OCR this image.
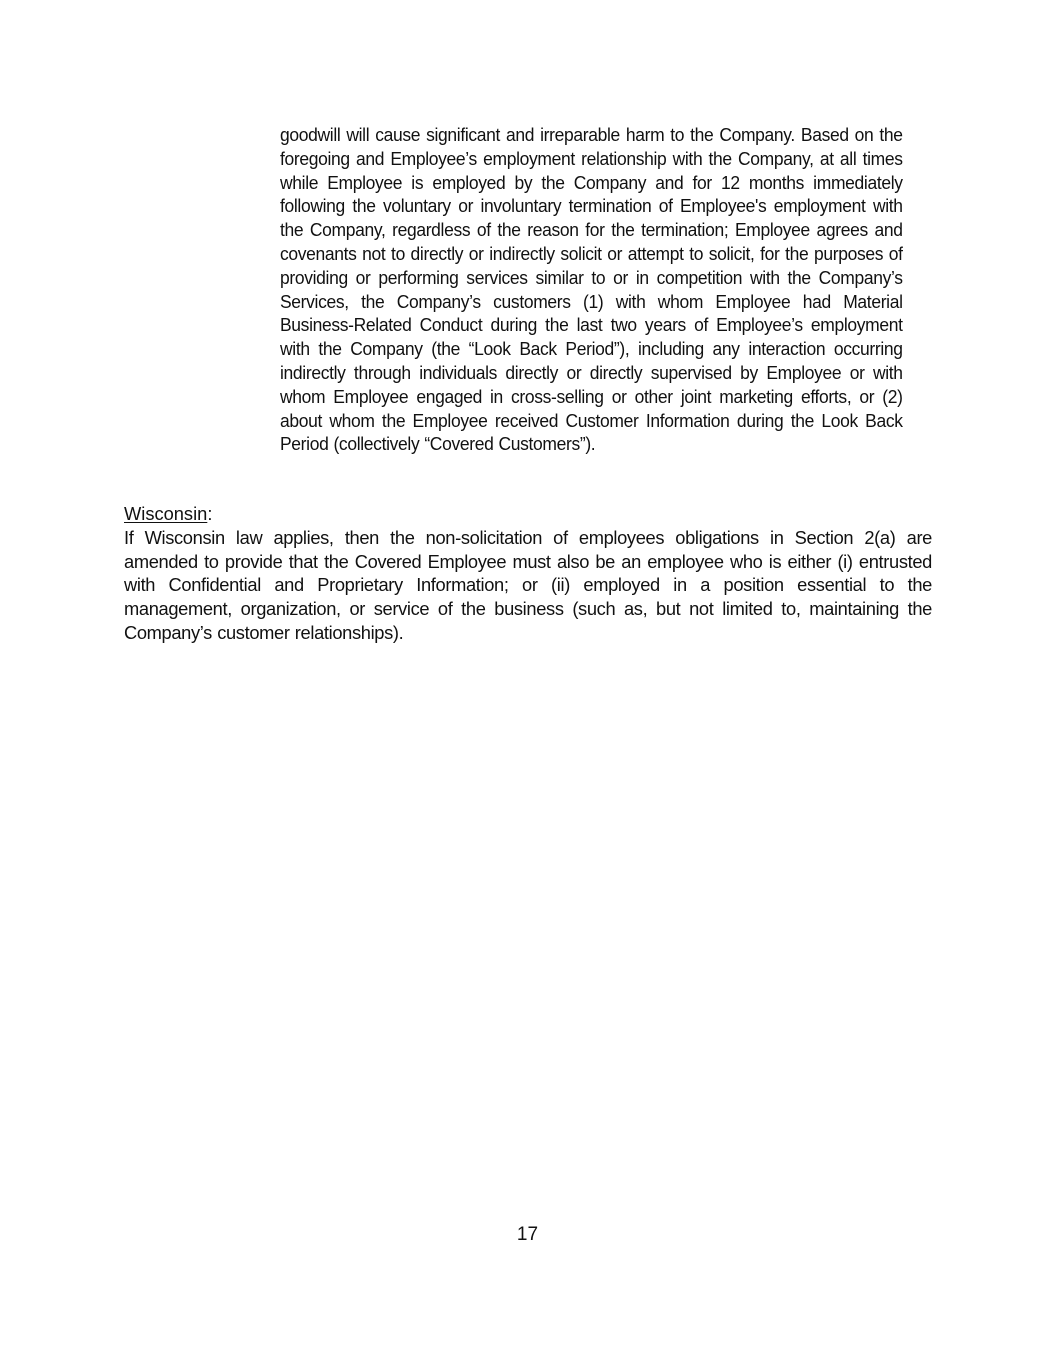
goodwill will cause significant and irreparable harm to the Company. Based on the foregoing and Employee’s employment relationship with the Company, at all times while Employee is employed by the Company and for 12 months immediately following the voluntary or involuntary termination of Employee's employment with the Company, regardless of the reason for the termination; Employee agrees and covenants not to directly or indirectly solicit or attempt to solicit, for the purposes of providing or performing services similar to or in competition with the Company’s Services, the Company’s customers (1) with whom Employee had Material Business-Related Conduct during the last two years of Employee’s employment with the Company (the “Look Back Period”), including any interaction occurring indirectly through individuals directly or directly supervised by Employee or with whom Employee engaged in cross-selling or other joint marketing efforts, or (2) about whom the Employee received Customer Information during the Look Back Period (collectively “Covered Customers”).

Wisconsin:

If Wisconsin law applies, then the non-solicitation of employees obligations in Section 2(a) are amended to provide that the Covered Employee must also be an employee who is either (i) entrusted with Confidential and Proprietary Information; or (ii) employed in a position essential to the management, organization, or service of the business (such as, but not limited to, maintaining the Company’s customer relationships).

17
